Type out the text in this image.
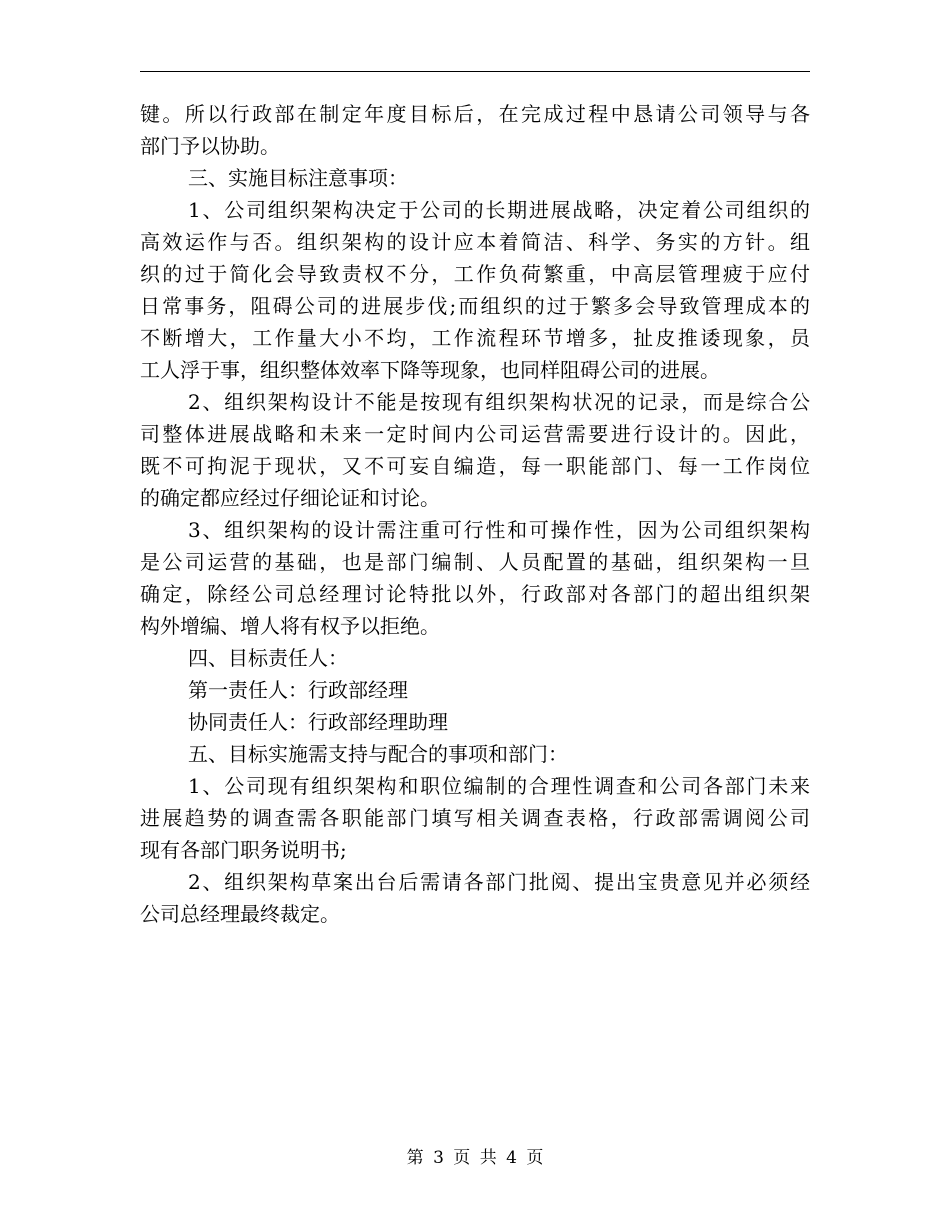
键。所以行政部在制定年度目标后，在完成过程中恳请公司领导与各
部门予以协助。
三、实施目标注意事项：
1、公司组织架构决定于公司的长期进展战略，决定着公司组织的
高效运作与否。组织架构的设计应本着简洁、科学、务实的方针。组
织的过于简化会导致责权不分，工作负荷繁重，中高层管理疲于应付
日常事务，阻碍公司的进展步伐;而组织的过于繁多会导致管理成本的
不断增大，工作量大小不均，工作流程环节增多，扯皮推诿现象，员
工人浮于事，组织整体效率下降等现象，也同样阻碍公司的进展。
2、组织架构设计不能是按现有组织架构状况的记录，而是综合公
司整体进展战略和未来一定时间内公司运营需要进行设计的。因此，
既不可拘泥于现状，又不可妄自编造，每一职能部门、每一工作岗位
的确定都应经过仔细论证和讨论。
3、组织架构的设计需注重可行性和可操作性，因为公司组织架构
是公司运营的基础，也是部门编制、人员配置的基础，组织架构一旦
确定，除经公司总经理讨论特批以外，行政部对各部门的超出组织架
构外增编、增人将有权予以拒绝。
四、目标责任人：
第一责任人：行政部经理
协同责任人：行政部经理助理
五、目标实施需支持与配合的事项和部门：
1、公司现有组织架构和职位编制的合理性调查和公司各部门未来
进展趋势的调查需各职能部门填写相关调查表格，行政部需调阅公司
现有各部门职务说明书;
2、组织架构草案出台后需请各部门批阅、提出宝贵意见并必须经
公司总经理最终裁定。
第 3 页 共 4 页
